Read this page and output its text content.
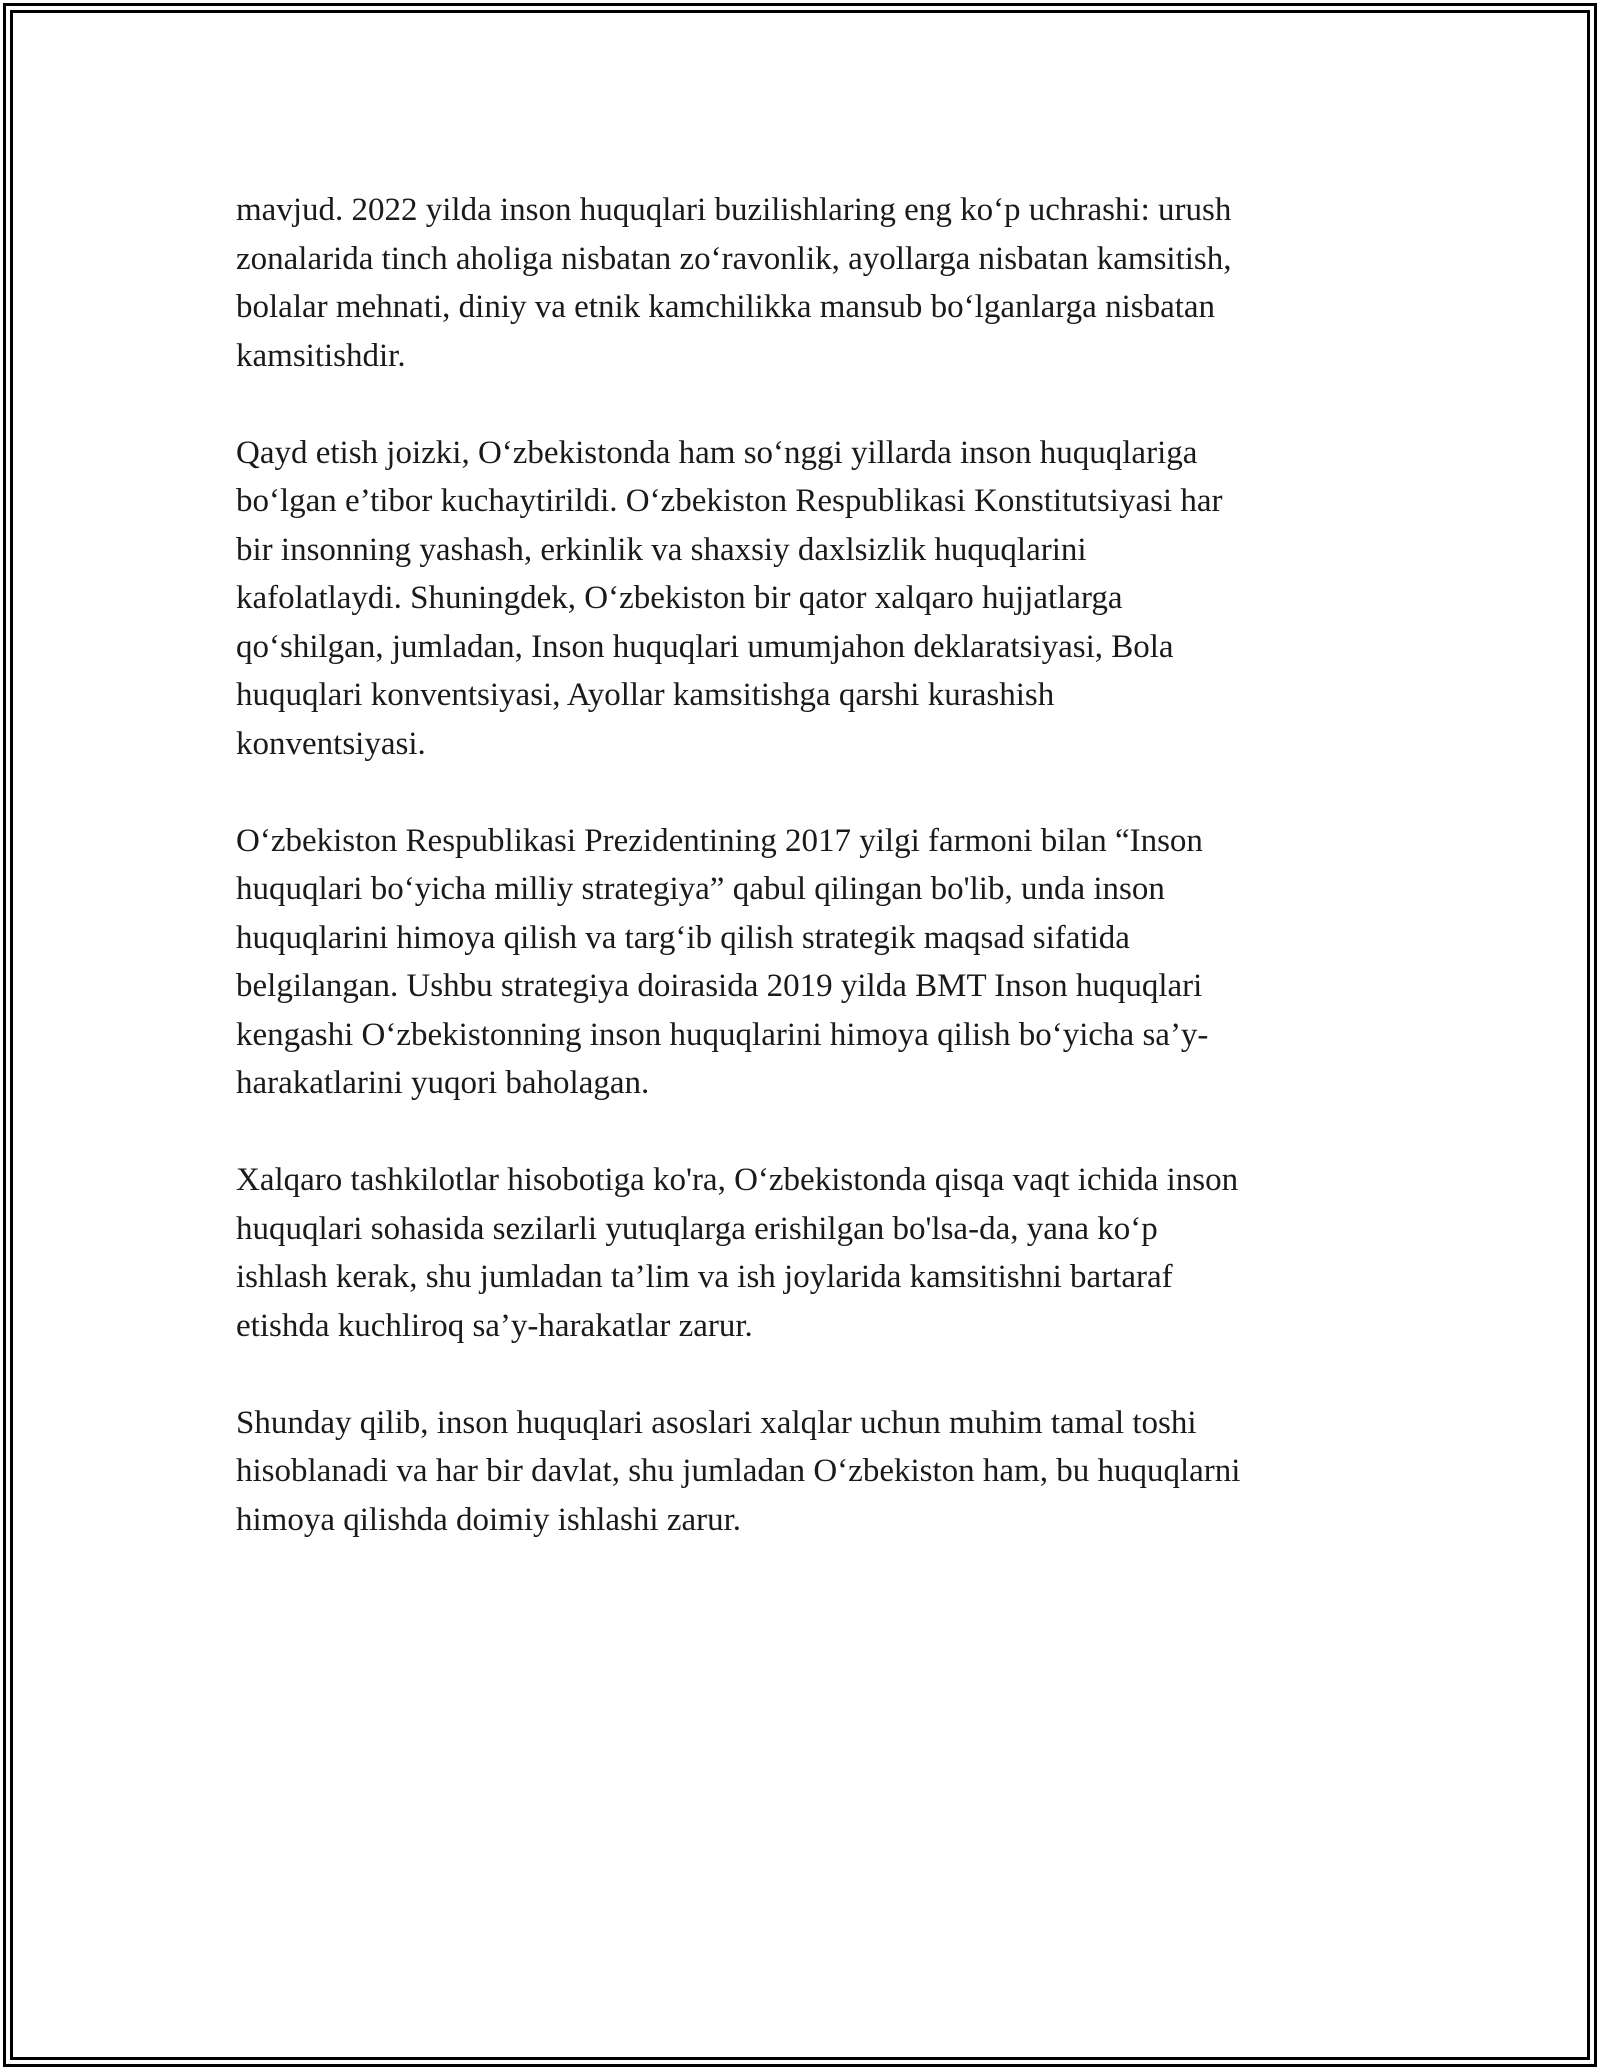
mavjud. 2022 yilda inson huquqlari buzilishlaring eng ko‘p uchrashi: urush
zonalarida tinch aholiga nisbatan zo‘ravonlik, ayollarga nisbatan kamsitish,
bolalar mehnati, diniy va etnik kamchilikka mansub bo‘lganlarga nisbatan
kamsitishdir.

Qayd etish joizki, O‘zbekistonda ham so‘nggi yillarda inson huquqlariga
bo‘lgan e’tibor kuchaytirildi. O‘zbekiston Respublikasi Konstitutsiyasi har
bir insonning yashash, erkinlik va shaxsiy daxlsizlik huquqlarini
kafolatlaydi. Shuningdek, O‘zbekiston bir qator xalqaro hujjatlarga
qo‘shilgan, jumladan, Inson huquqlari umumjahon deklaratsiyasi, Bola
huquqlari konventsiyasi, Ayollar kamsitishga qarshi kurashish
konventsiyasi.

O‘zbekiston Respublikasi Prezidentining 2017 yilgi farmoni bilan “Inson
huquqlari bo‘yicha milliy strategiya” qabul qilingan bo'lib, unda inson
huquqlarini himoya qilish va targ‘ib qilish strategik maqsad sifatida
belgilangan. Ushbu strategiya doirasida 2019 yilda BMT Inson huquqlari
kengashi O‘zbekistonning inson huquqlarini himoya qilish bo‘yicha sa’y-
harakatlarini yuqori baholagan.

Xalqaro tashkilotlar hisobotiga ko'ra, O‘zbekistonda qisqa vaqt ichida inson
huquqlari sohasida sezilarli yutuqlarga erishilgan bo'lsa-da, yana ko‘p
ishlash kerak, shu jumladan ta’lim va ish joylarida kamsitishni bartaraf
etishda kuchliroq sa’y-harakatlar zarur.

Shunday qilib, inson huquqlari asoslari xalqlar uchun muhim tamal toshi
hisoblanadi va har bir davlat, shu jumladan O‘zbekiston ham, bu huquqlarni
himoya qilishda doimiy ishlashi zarur.
